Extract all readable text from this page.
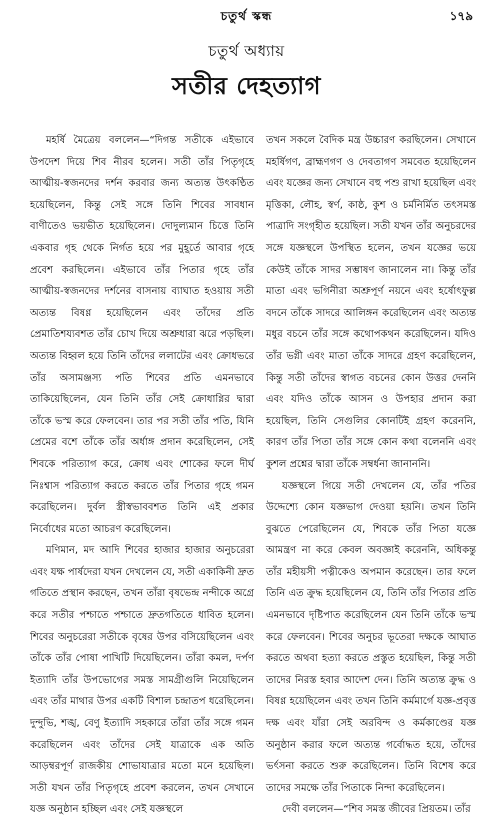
চতুর্থ স্কন্ধ	১৭৯
চতুর্থ অধ্যায়
সতীর দেহত্যাগ

মহর্ষি মৈত্রেয় বললেন—“দিগন্ত সতীকে এইভাবে উপদেশ দিয়ে শিব নীরব হলেন। সতী তাঁর পিতৃগৃহে আত্মীয়-স্বজনদের দর্শন করবার জন্য অত্যন্ত উৎকণ্ঠিত হয়েছিলেন, কিন্তু সেই সঙ্গে তিনি শিবের সাবধান বাণীতেও ভয়ভীত হয়েছিলেন। দোদুল্যমান চিত্তে তিনি একবার গৃহ থেকে নির্গত হয়ে পর মুহূর্তে আবার গৃহে প্রবেশ করছিলেন। এইভাবে তাঁর পিতার গৃহে তাঁর আত্মীয়-স্বজনদের দর্শনের বাসনায় ব্যাঘাত হওয়ায় সতী অত্যন্ত বিষণ্ণ হয়েছিলেন এবং তাঁদের প্রতি প্রেমাতিশয্যবশত তাঁর চোখ দিয়ে অশ্রুধারা ঝরে পড়ছিল। অত্যন্ত বিহ্বল হয়ে তিনি তাঁদের ললাটের এবং ক্রোধভরে তাঁর অসামঞ্জস্য পতি শিবের প্রতি এমনভাবে তাকিয়েছিলেন, যেন তিনি তাঁর সেই ক্রোধাগ্নির দ্বারা তাঁকে ভস্ম করে ফেলবেন। তার পর সতী তাঁর পতি, যিনি প্রেমের বশে তাঁকে তাঁর অর্ধাঙ্গ প্রদান করেছিলেন, সেই শিবকে পরিত্যাগ করে, ক্রোধ এবং শোকের ফলে দীর্ঘ নিঃশ্বাস পরিত্যাগ করতে করতে তাঁর পিতার গৃহে গমন করেছিলেন। দুর্বল স্ত্রীস্বভাববশত তিনি এই প্রকার নির্বোধের মতো আচরণ করেছিলেন।

মণিমান, মদ আদি শিবের হাজার হাজার অনুচরেরা এবং যক্ষ পার্ষদেরা যখন দেখলেন যে, সতী একাকিনী দ্রুত গতিতে প্রস্থান করছেন, তখন তাঁরা বৃষভেন্দ্র নন্দীকে অগ্রে করে সতীর পশ্চাতে পশ্চাতে দ্রুতগতিতে ধাবিত হলেন। শিবের অনুচরেরা সতীকে বৃষের উপর বসিয়েছিলেন এবং তাঁকে তাঁর পোষা পাখিটি দিয়েছিলেন। তাঁরা কমল, দর্পণ ইত্যাদি তাঁর উপভোগের সমস্ত সামগ্রীগুলি নিয়েছিলেন এবং তাঁর মাথার উপর একটি বিশাল চন্দ্রাতপ ধরেছিলেন। দুন্দুভি, শঙ্খ, বেণু ইত্যাদি সহকারে তাঁরা তাঁর সঙ্গে গমন করেছিলেন এবং তাঁদের সেই যাত্রাকে এক অতি আড়ম্বরপূর্ণ রাজকীয় শোভাযাত্রার মতো মনে হয়েছিল। সতী যখন তাঁর পিতৃগৃহে প্রবেশ করলেন, তখন সেখানে যজ্ঞ অনুষ্ঠান হচ্ছিল এবং সেই যজ্ঞস্থলে

তখন সকলে বৈদিক মন্ত্র উচ্চারণ করছিলেন। সেখানে মহর্ষিগণ, ব্রাহ্মণগণ ও দেবতাগণ সমবেত হয়েছিলেন এবং যজ্ঞের জন্য সেখানে বহু পশু রাখা হয়েছিল এবং মৃত্তিকা, লৌহ, স্বর্ণ, কাষ্ঠ, কুশ ও চর্মনির্মিত তৎসমস্ত পাত্রাদি সংগৃহীত হয়েছিল। সতী যখন তাঁর অনুচরদের সঙ্গে যজ্ঞস্থলে উপস্থিত হলেন, তখন যজ্ঞের ভয়ে কেউই তাঁকে সাদর সম্ভাষণ জানালেন না। কিন্তু তাঁর মাতা এবং ভগিনীরা অশ্রুপূর্ণ নয়নে এবং হর্ষোৎফুল্ল বদনে তাঁকে সাদরে আলিঙ্গন করেছিলেন এবং অত্যন্ত মধুর বচনে তাঁর সঙ্গে কথোপকথন করেছিলেন। যদিও তাঁর ভগ্নী এবং মাতা তাঁকে সাদরে গ্রহণ করেছিলেন, কিন্তু সতী তাঁদের স্বাগত বচনের কোন উত্তর দেননি এবং যদিও তাঁকে আসন ও উপহার প্রদান করা হয়েছিল, তিনি সেগুলির কোনটিই গ্রহণ করেননি, কারণ তাঁর পিতা তাঁর সঙ্গে কোন কথা বলেননি এবং কুশল প্রশ্নের দ্বারা তাঁকে সম্বর্ধনা জানাননি।

যজ্ঞস্থলে গিয়ে সতী দেখলেন যে, তাঁর পতির উদ্দেশ্যে কোন যজ্ঞভাগ দেওয়া হয়নি। তখন তিনি বুঝতে পেরেছিলেন যে, শিবকে তাঁর পিতা যজ্ঞে আমন্ত্রণ না করে কেবল অবজ্ঞাই করেননি, অধিকন্তু তাঁর মহীয়সী পত্নীকেও অপমান করেছেন। তার ফলে তিনি এত ক্রুদ্ধ হয়েছিলেন যে, তিনি তাঁর পিতার প্রতি এমনভাবে দৃষ্টিপাত করেছিলেন যেন তিনি তাঁকে ভস্ম করে ফেলবেন। শিবের অনুচর ভূতেরা দক্ষকে আঘাত করতে অথবা হত্যা করতে প্রস্তুত হয়েছিল, কিন্তু সতী তাদের নিরস্ত হবার আদেশ দেন। তিনি অত্যন্ত ক্রুদ্ধ ও বিষণ্ণ হয়েছিলেন এবং তখন তিনি কর্মমার্গে যজ্ঞ-প্রবৃত্ত দক্ষ এবং যাঁরা সেই অরবিন্দ ও কর্মকাণ্ডের যজ্ঞ অনুষ্ঠান করার ফলে অত্যন্ত গর্বোদ্ধত হয়ে, তাঁদের ভর্ৎসনা করতে শুরু করেছিলেন। তিনি বিশেষ করে তাদের সমক্ষে তাঁর পিতাকে নিন্দা করেছিলেন।

দেবী বললেন—“শিব সমস্ত জীবের প্রিয়তম। তাঁর
